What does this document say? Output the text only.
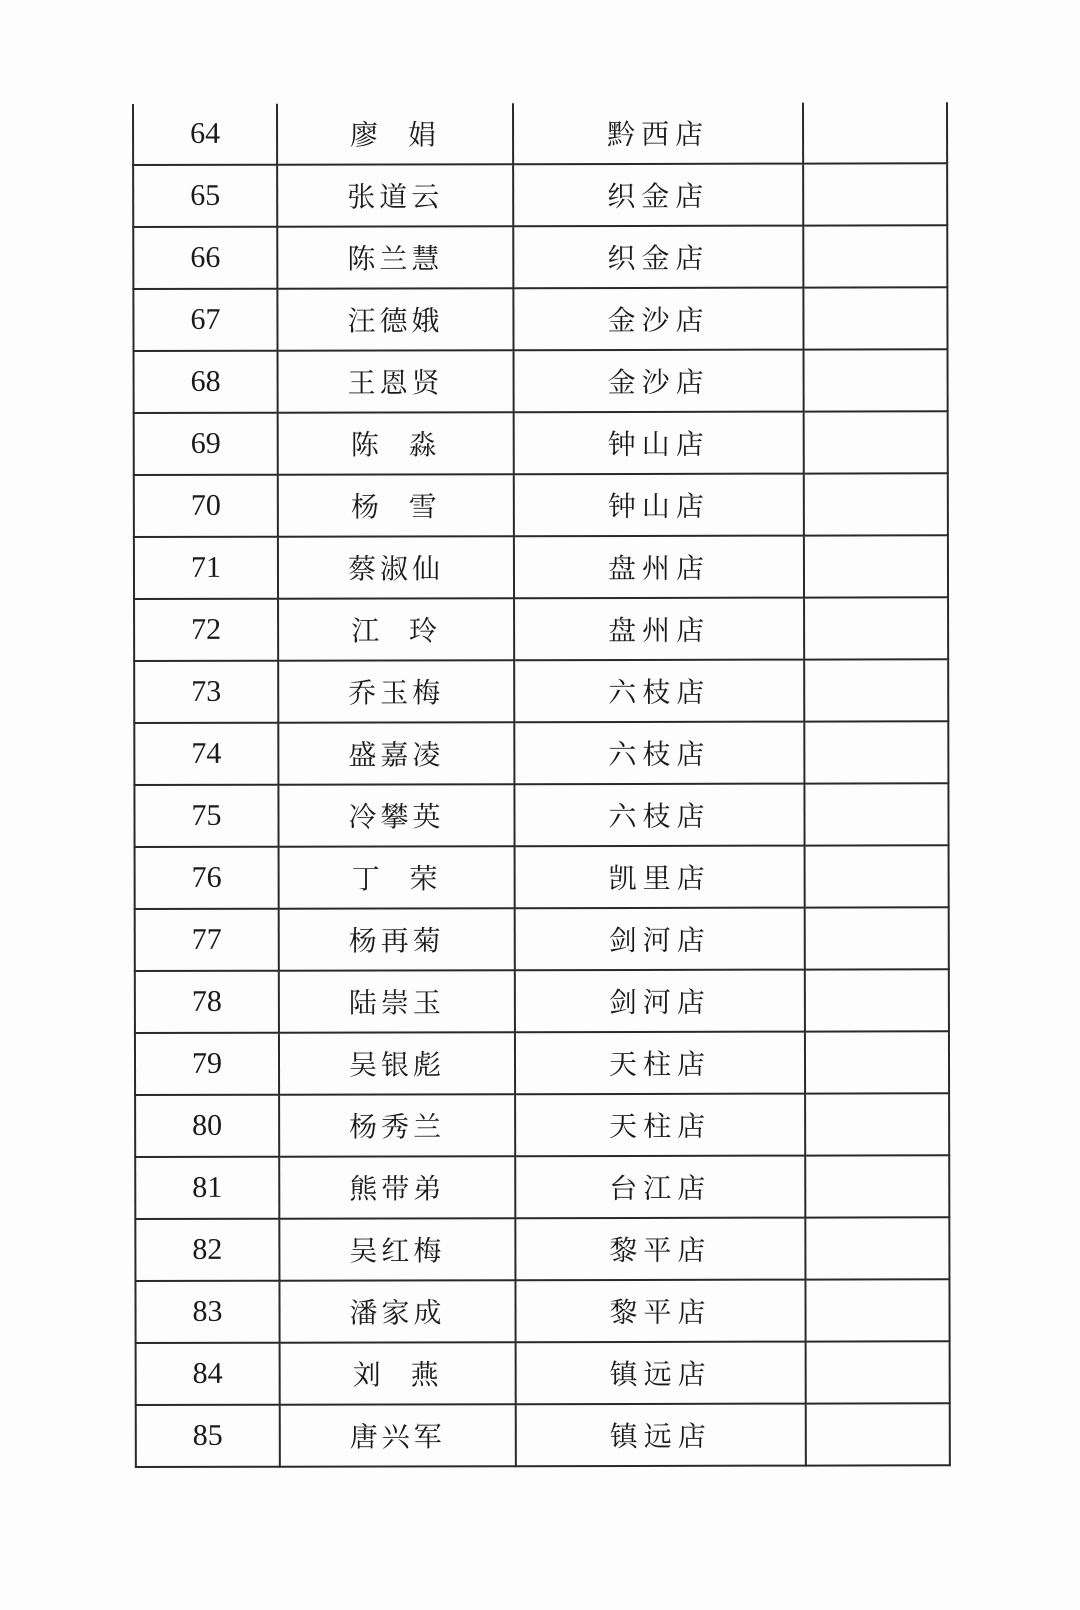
64	廖  娟	黔西店	
65	张道云	织金店	
66	陈兰慧	织金店	
67	汪德娥	金沙店	
68	王恩贤	金沙店	
69	陈  淼	钟山店	
70	杨  雪	钟山店	
71	蔡淑仙	盘州店	
72	江  玲	盘州店	
73	乔玉梅	六枝店	
74	盛嘉凌	六枝店	
75	冷攀英	六枝店	
76	丁  荣	凯里店	
77	杨再菊	剑河店	
78	陆崇玉	剑河店	
79	吴银彪	天柱店	
80	杨秀兰	天柱店	
81	熊带弟	台江店	
82	吴红梅	黎平店	
83	潘家成	黎平店	
84	刘  燕	镇远店	
85	唐兴军	镇远店	
